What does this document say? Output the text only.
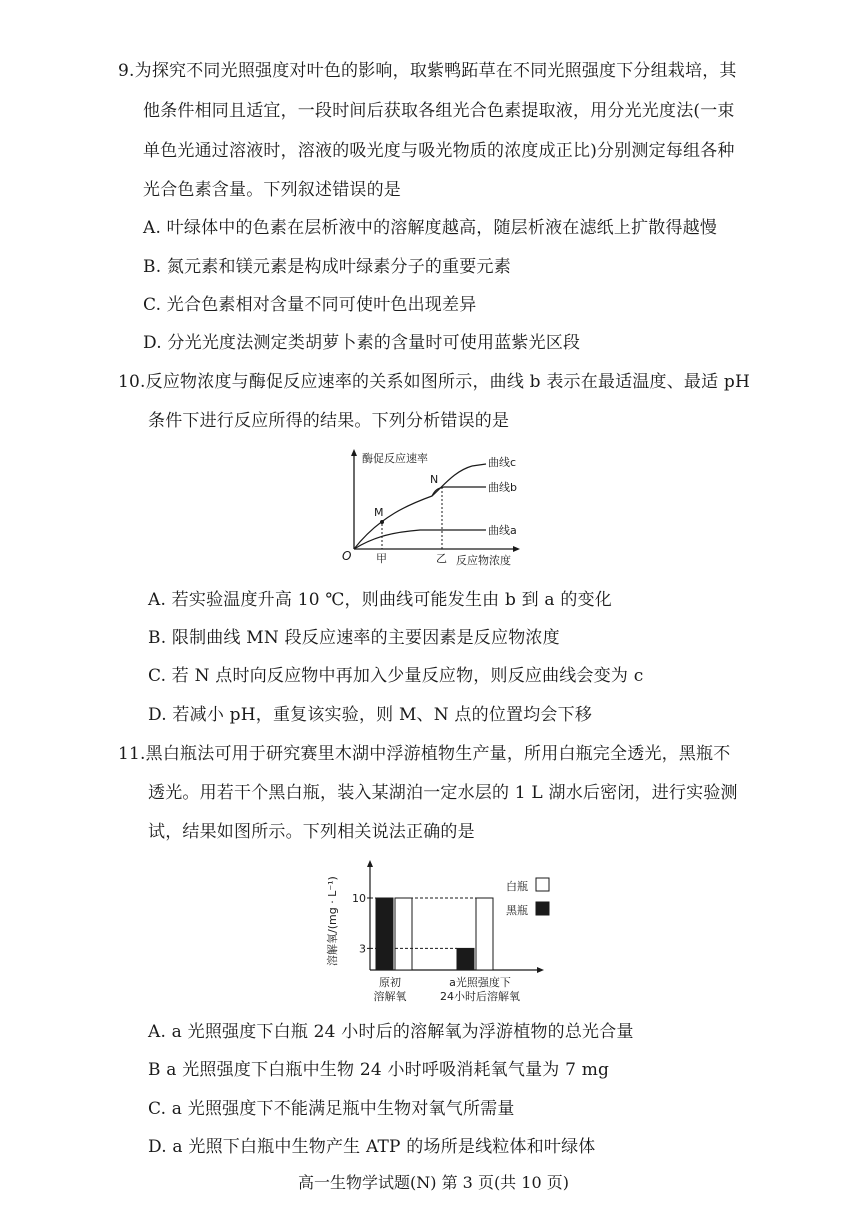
9.为探究不同光照强度对叶色的影响，取紫鸭跖草在不同光照强度下分组栽培，其
他条件相同且适宜，一段时间后获取各组光合色素提取液，用分光光度法(一束
单色光通过溶液时，溶液的吸光度与吸光物质的浓度成正比)分别测定每组各种
光合色素含量。下列叙述错误的是
A. 叶绿体中的色素在层析液中的溶解度越高，随层析液在滤纸上扩散得越慢
B. 氮元素和镁元素是构成叶绿素分子的重要元素
C. 光合色素相对含量不同可使叶色出现差异
D. 分光光度法测定类胡萝卜素的含量时可使用蓝紫光区段
10.反应物浓度与酶促反应速率的关系如图所示，曲线 b 表示在最适温度、最适 pH
条件下进行反应所得的结果。下列分析错误的是
酶促反应速率
O	反应物浓度
M
N
甲	乙
曲线c
曲线b
曲线a
A. 若实验温度升高 10 ℃，则曲线可能发生由 b 到 a 的变化
B. 限制曲线 MN 段反应速率的主要因素是反应物浓度
C. 若 N 点时向反应物中再加入少量反应物，则反应曲线会变为 c
D. 若减小 pH，重复该实验，则 M、N 点的位置均会下移
11.黑白瓶法可用于研究赛里木湖中浮游植物生产量，所用白瓶完全透光，黑瓶不
透光。用若干个黑白瓶，装入某湖泊一定水层的 1 L 湖水后密闭，进行实验测
试，结果如图所示。下列相关说法正确的是
溶解氧/(mg · L⁻¹) 3
10
原初
溶解氧
a光照强度下
24小时后溶解氧
白瓶
黑瓶
高一生物学试题(N) 第 3 页(共 10 页)
A. a 光照强度下白瓶 24 小时后的溶解氧为浮游植物的总光合量
B a 光照强度下白瓶中生物 24 小时呼吸消耗氧气量为 7 mg
C. a 光照强度下不能满足瓶中生物对氧气所需量
D. a 光照下白瓶中生物产生 ATP 的场所是线粒体和叶绿体
